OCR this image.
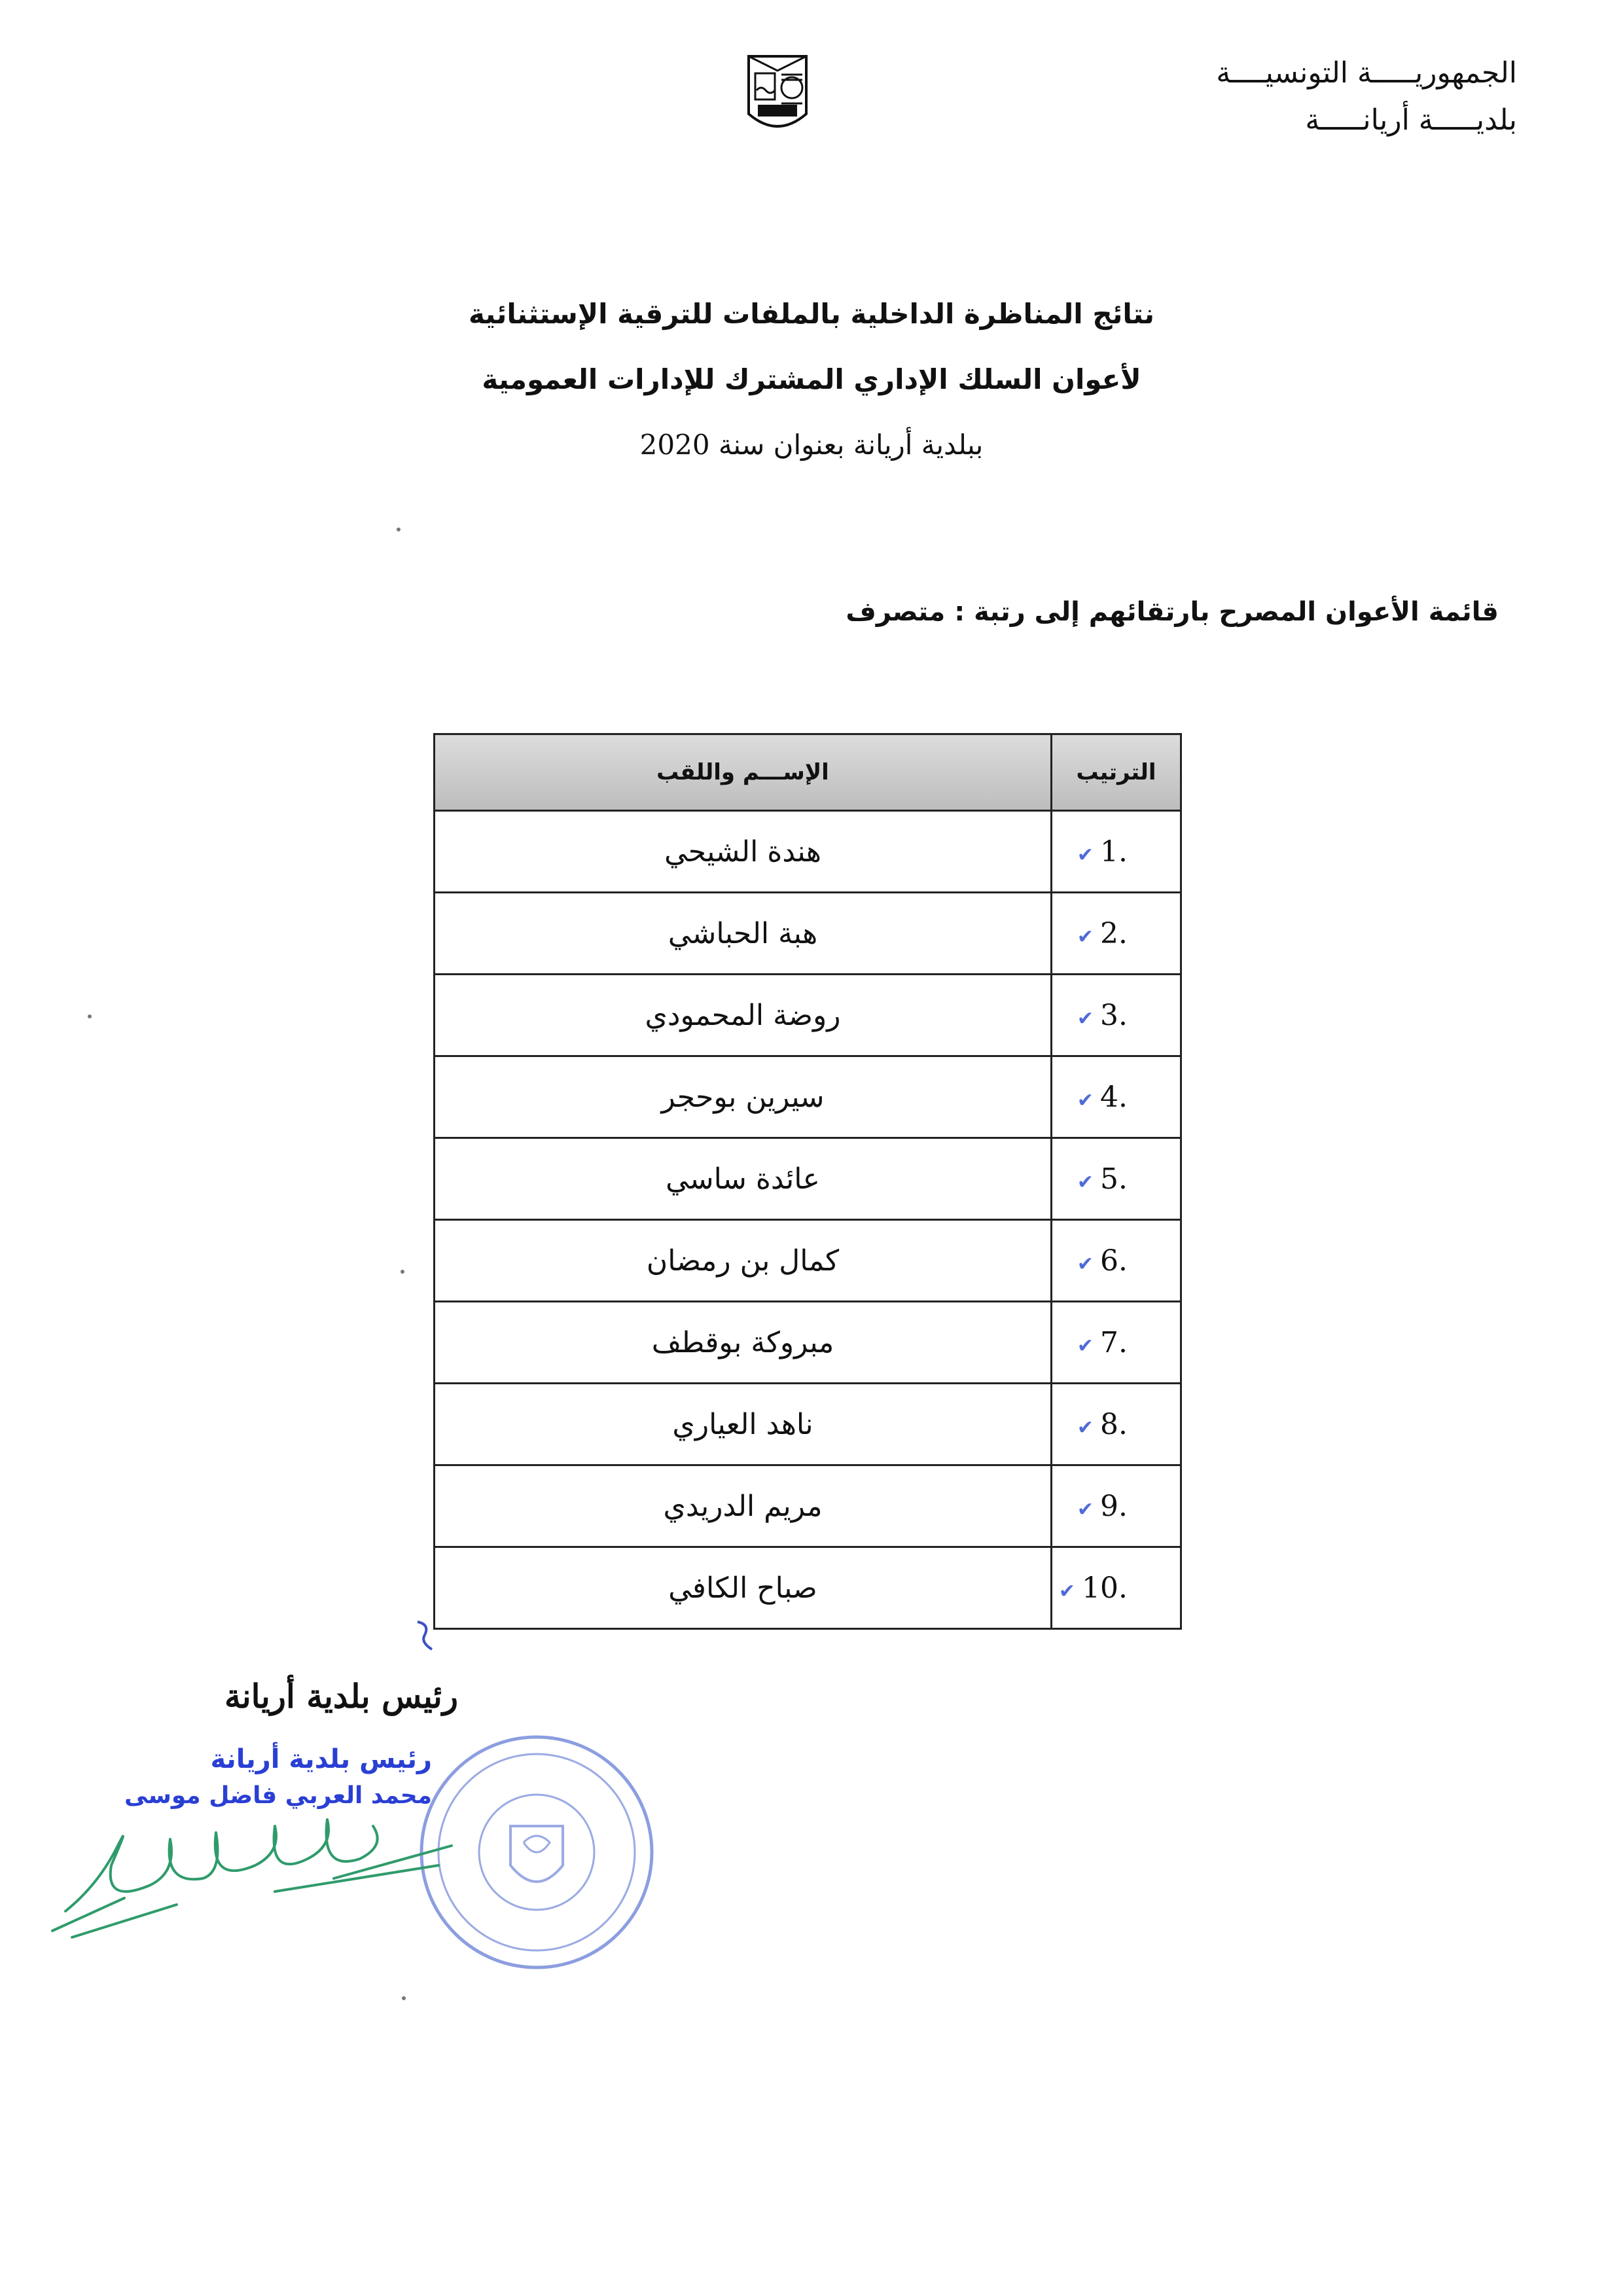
الجمهوريـــــة التونسيــــة
بلديـــــة أريانـــــة
نتائج المناظرة الداخلية بالملفات للترقية الإستثنائية
لأعوان السلك الإداري المشترك للإدارات العمومية
ببلدية أريانة بعنوان سنة 2020
قائمة الأعوان المصرح بارتقائهم إلى رتبة : متصرف
الترتيب	الإســـم واللقب
1.✔	هندة الشيحي
2.✔	هبة الحباشي
3.✔	روضة المحمودي
4.✔	سيرين بوحجر
5.✔	عائدة ساسي
6.✔	كمال بن رمضان
7.✔	مبروكة بوقطف
8.✔	ناهد العياري
9.✔	مريم الدريدي
10.✔	صباح الكافي
رئيس بلدية أريانة
رئيس بلدية أريانة
محمد العربي فاضل موسى
